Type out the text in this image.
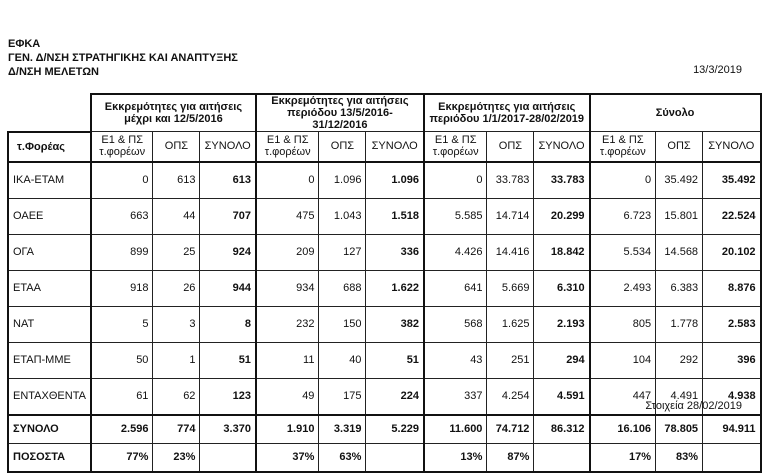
ΕΦΚΑ
ΓΕΝ. Δ/ΝΣΗ ΣΤΡΑΤΗΓΙΚΗΣ ΚΑΙ ΑΝΑΠΤΥΞΗΣ
Δ/ΝΣΗ ΜΕΛΕΤΩΝ	13/3/2019
	Εκκρεμότητες για αιτήσεις μέχρι και 12/5/2016			Εκκρεμότητες για αιτήσεις περιόδου 13/5/2016-31/12/2016			Εκκρεμότητες για αιτήσεις περιόδου 1/1/2017-28/02/2019			Σύνολο		
τ.Φορέας	Ε1 & ΠΣ τ.φορέων	ΟΠΣ	ΣΥΝΟΛΟ	Ε1 & ΠΣ τ.φορέων	ΟΠΣ	ΣΥΝΟΛΟ	Ε1 & ΠΣ τ.φορέων	ΟΠΣ	ΣΥΝΟΛΟ	Ε1 & ΠΣ τ.φορέων	ΟΠΣ	ΣΥΝΟΛΟ
ΙΚΑ-ΕΤΑΜ	0	613	613	0	1.096	1.096	0	33.783	33.783	0	35.492	35.492
ΟΑΕΕ	663	44	707	475	1.043	1.518	5.585	14.714	20.299	6.723	15.801	22.524
ΟΓΑ	899	25	924	209	127	336	4.426	14.416	18.842	5.534	14.568	20.102
ΕΤΑΑ	918	26	944	934	688	1.622	641	5.669	6.310	2.493	6.383	8.876
ΝΑΤ	5	3	8	232	150	382	568	1.625	2.193	805	1.778	2.583
ΕΤΑΠ-ΜΜΕ	50	1	51	11	40	51	43	251	294	104	292	396
ΕΝΤΑΧΘΕΝΤΑ	61	62	123	49	175	224	337	4.254	4.591	447	4.491	4.938
ΣΥΝΟΛΟ	2.596	774	3.370	1.910	3.319	5.229	11.600	74.712	86.312	16.106	78.805	94.911
ΠΟΣΟΣΤΑ	77%	23%		37%	63%		13%	87%		17%	83%	
Στοιχεία 28/02/2019
